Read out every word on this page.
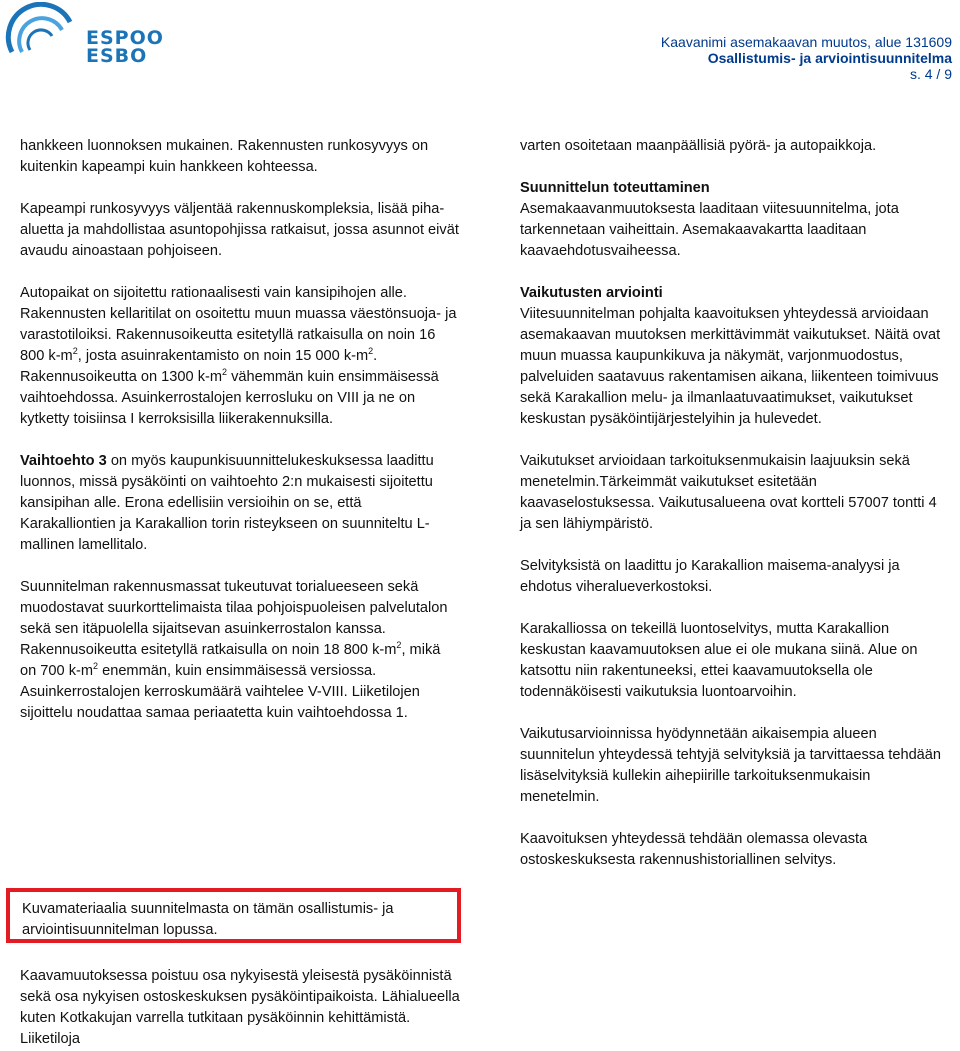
ESPOO
ESBO
Kaavanimi asemakaavan muutos, alue 131609
Osallistumis- ja arviointisuunnitelma
s. 4 / 9

hankkeen luonnoksen mukainen. Rakennusten runkosyvyys on kuitenkin kapeampi kuin hankkeen kohteessa.

Kapeampi runkosyvyys väljentää rakennuskompleksia, lisää piha-aluetta ja mahdollistaa asuntopohjissa ratkaisut, jossa asunnot eivät avaudu ainoastaan pohjoiseen.

Autopaikat on sijoitettu rationaalisesti vain kansipihojen alle. Rakennusten kellaritilat on osoitettu muun muassa väestönsuoja- ja varastotiloiksi. Rakennusoikeutta esitetyllä ratkaisulla on noin 16 800 $k-m^2$, josta asuinrakentamisto on noin 15 000 $k-m^2$. Rakennusoikeutta on 1300 $k-m^2$ vähemmän kuin ensimmäisessä vaihtoehdossa. Asuinkerrostalojen kerrosluku on VIII ja ne on kytketty toisiinsa I kerroksisilla liikerakennuksilla.

Vaihtoehto 3 on myös kaupunkisuunnittelukeskuksessa laadittu luonnos, missä pysäköinti on vaihtoehto 2:n mukaisesti sijoitettu kansipihan alle. Erona edellisiin versioihin on se, että Karakalliontien ja Karakallion torin risteykseen on suunniteltu L- mallinen lamellitalo.

Suunnitelman rakennusmassat tukeutuvat torialueeseen sekä muodostavat suurkorttelimaista tilaa pohjoispuoleisen palvelutalon sekä sen itäpuolella sijaitsevan asuinkerrostalon kanssa. Rakennusoikeutta esitetyllä ratkaisulla on noin 18 800 $k-m^2$, mikä on 700 $k-m^2$ enemmän, kuin ensimmäisessä versiossa. Asuinkerrostalojen kerroskumäärä vaihtelee V-VIII. Liiketilojen sijoittelu noudattaa samaa periaatetta kuin vaihtoehdossa 1.

Kuvamateriaalia suunnitelmasta on tämän osallistumis- ja arviointisuunnitelman lopussa.
Kaavamuutoksessa poistuu osa nykyisestä yleisestä pysäköinnistä sekä osa nykyisen ostoskeskuksen pysäköintipaikoista. Lähialueella kuten Kotkakujan varrella tutkitaan pysäköinnin kehittämistä. Liiketiloja

varten osoitetaan maanpäällisiä pyörä- ja autopaikkoja.

Suunnittelun toteuttaminen
Asemakaavanmuutoksesta laaditaan viitesuunnitelma, jota tarkennetaan vaiheittain. Asemakaavakartta laaditaan kaavaehdotusvaiheessa.

Vaikutusten arviointi
Viitesuunnitelman pohjalta kaavoituksen yhteydessä arvioidaan asemakaavan muutoksen merkittävimmät vaikutukset. Näitä ovat muun muassa kaupunkikuva ja näkymät, varjonmuodostus, palveluiden saatavuus rakentamisen aikana, liikenteen toimivuus sekä Karakallion melu- ja ilmanlaatuvaatimukset, vaikutukset keskustan pysäköintijärjestelyihin ja hulevedet.

Vaikutukset arvioidaan tarkoituksenmukaisin laajuuksin sekä menetelmin.Tärkeimmät vaikutukset esitetään kaavaselostuksessa. Vaikutusalueena ovat kortteli 57007 tontti 4 ja sen lähiympäristö.

Selvityksistä on laadittu jo Karakallion maisema-analyysi ja ehdotus viheralueverkostoksi.

Karakalliossa on tekeillä luontoselvitys, mutta Karakallion keskustan kaavamuutoksen alue ei ole mukana siinä. Alue on katsottu niin rakentuneeksi, ettei kaavamuutoksella ole todennäköisesti vaikutuksia luontoarvoihin.

Vaikutusarvioinnissa hyödynnetään aikaisempia alueen suunnitelun yhteydessä tehtyjä selvityksiä ja tarvittaessa tehdään lisäselvityksiä kullekin aihepiirille tarkoituksenmukaisin menetelmin.

Kaavoituksen yhteydessä tehdään olemassa olevasta ostoskeskuksesta rakennushistoriallinen selvitys.
